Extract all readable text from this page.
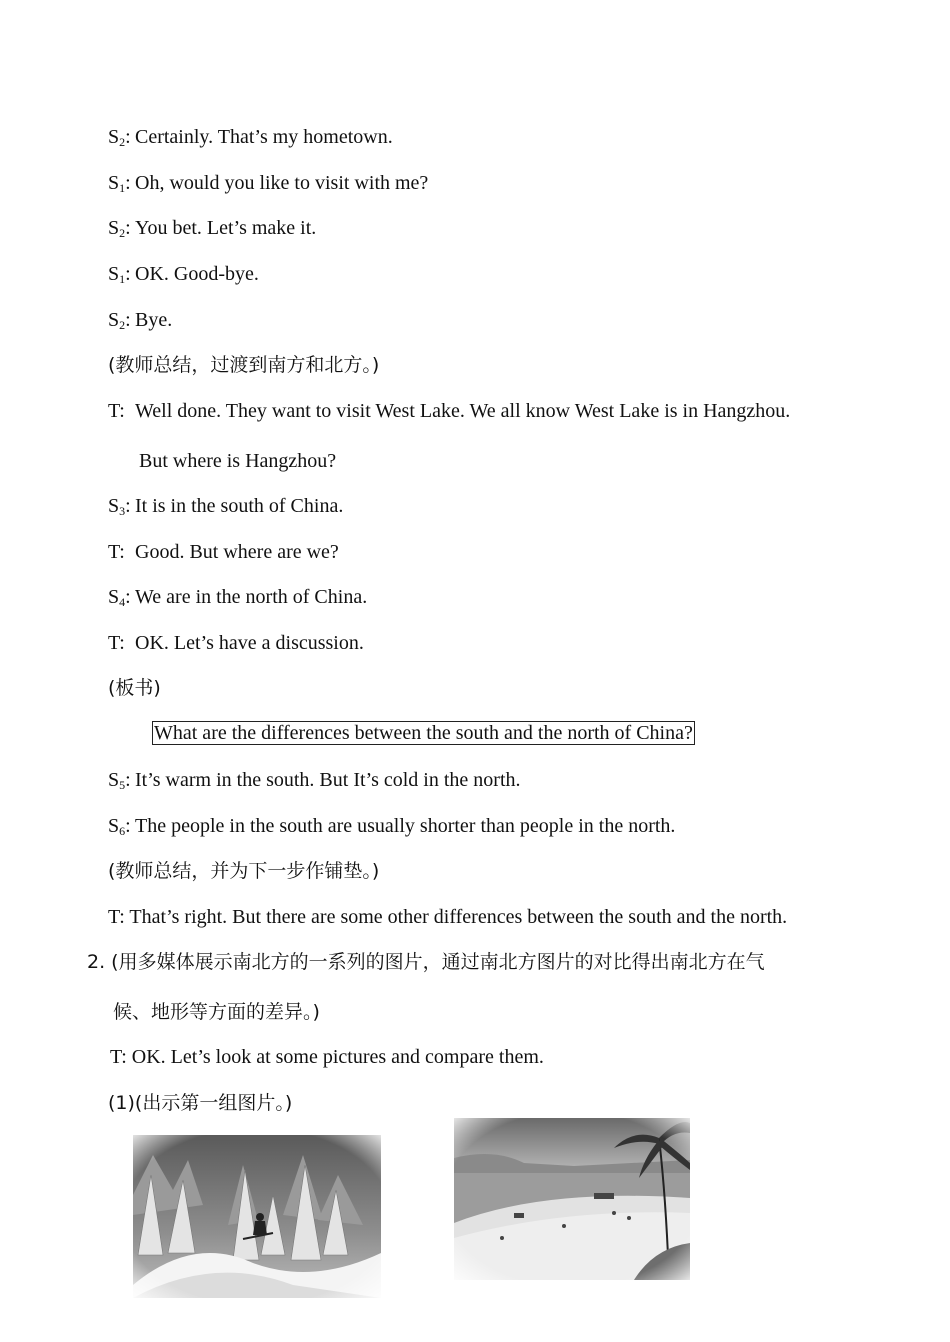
$S_2$: Certainly. That’s my hometown.
$S_1$: Oh, would you like to visit with me?
$S_2$: You bet. Let’s make it.
$S_1$: OK. Good-bye.
$S_2$: Bye.
(教师总结，过渡到南方和北方。)
T: Well done. They want to visit West Lake. We all know West Lake is in Hangzhou.
But where is Hangzhou?
$S_3$: It is in the south of China.
T: Good. But where are we?
$S_4$: We are in the north of China.
T: OK. Let’s have a discussion.
(板书)
What are the differences between the south and the north of China?
$S_5$: It’s warm in the south. But It’s cold in the north.
$S_6$: The people in the south are usually shorter than people in the north.
(教师总结，并为下一步作铺垫。)
T: That’s right. But there are some other differences between the south and the north.
2. (用多媒体展示南北方的一系列的图片，通过南北方图片的对比得出南北方在气
候、地形等方面的差异。)
T: OK. Let’s look at some pictures and compare them.
(1)(出示第一组图片。)
